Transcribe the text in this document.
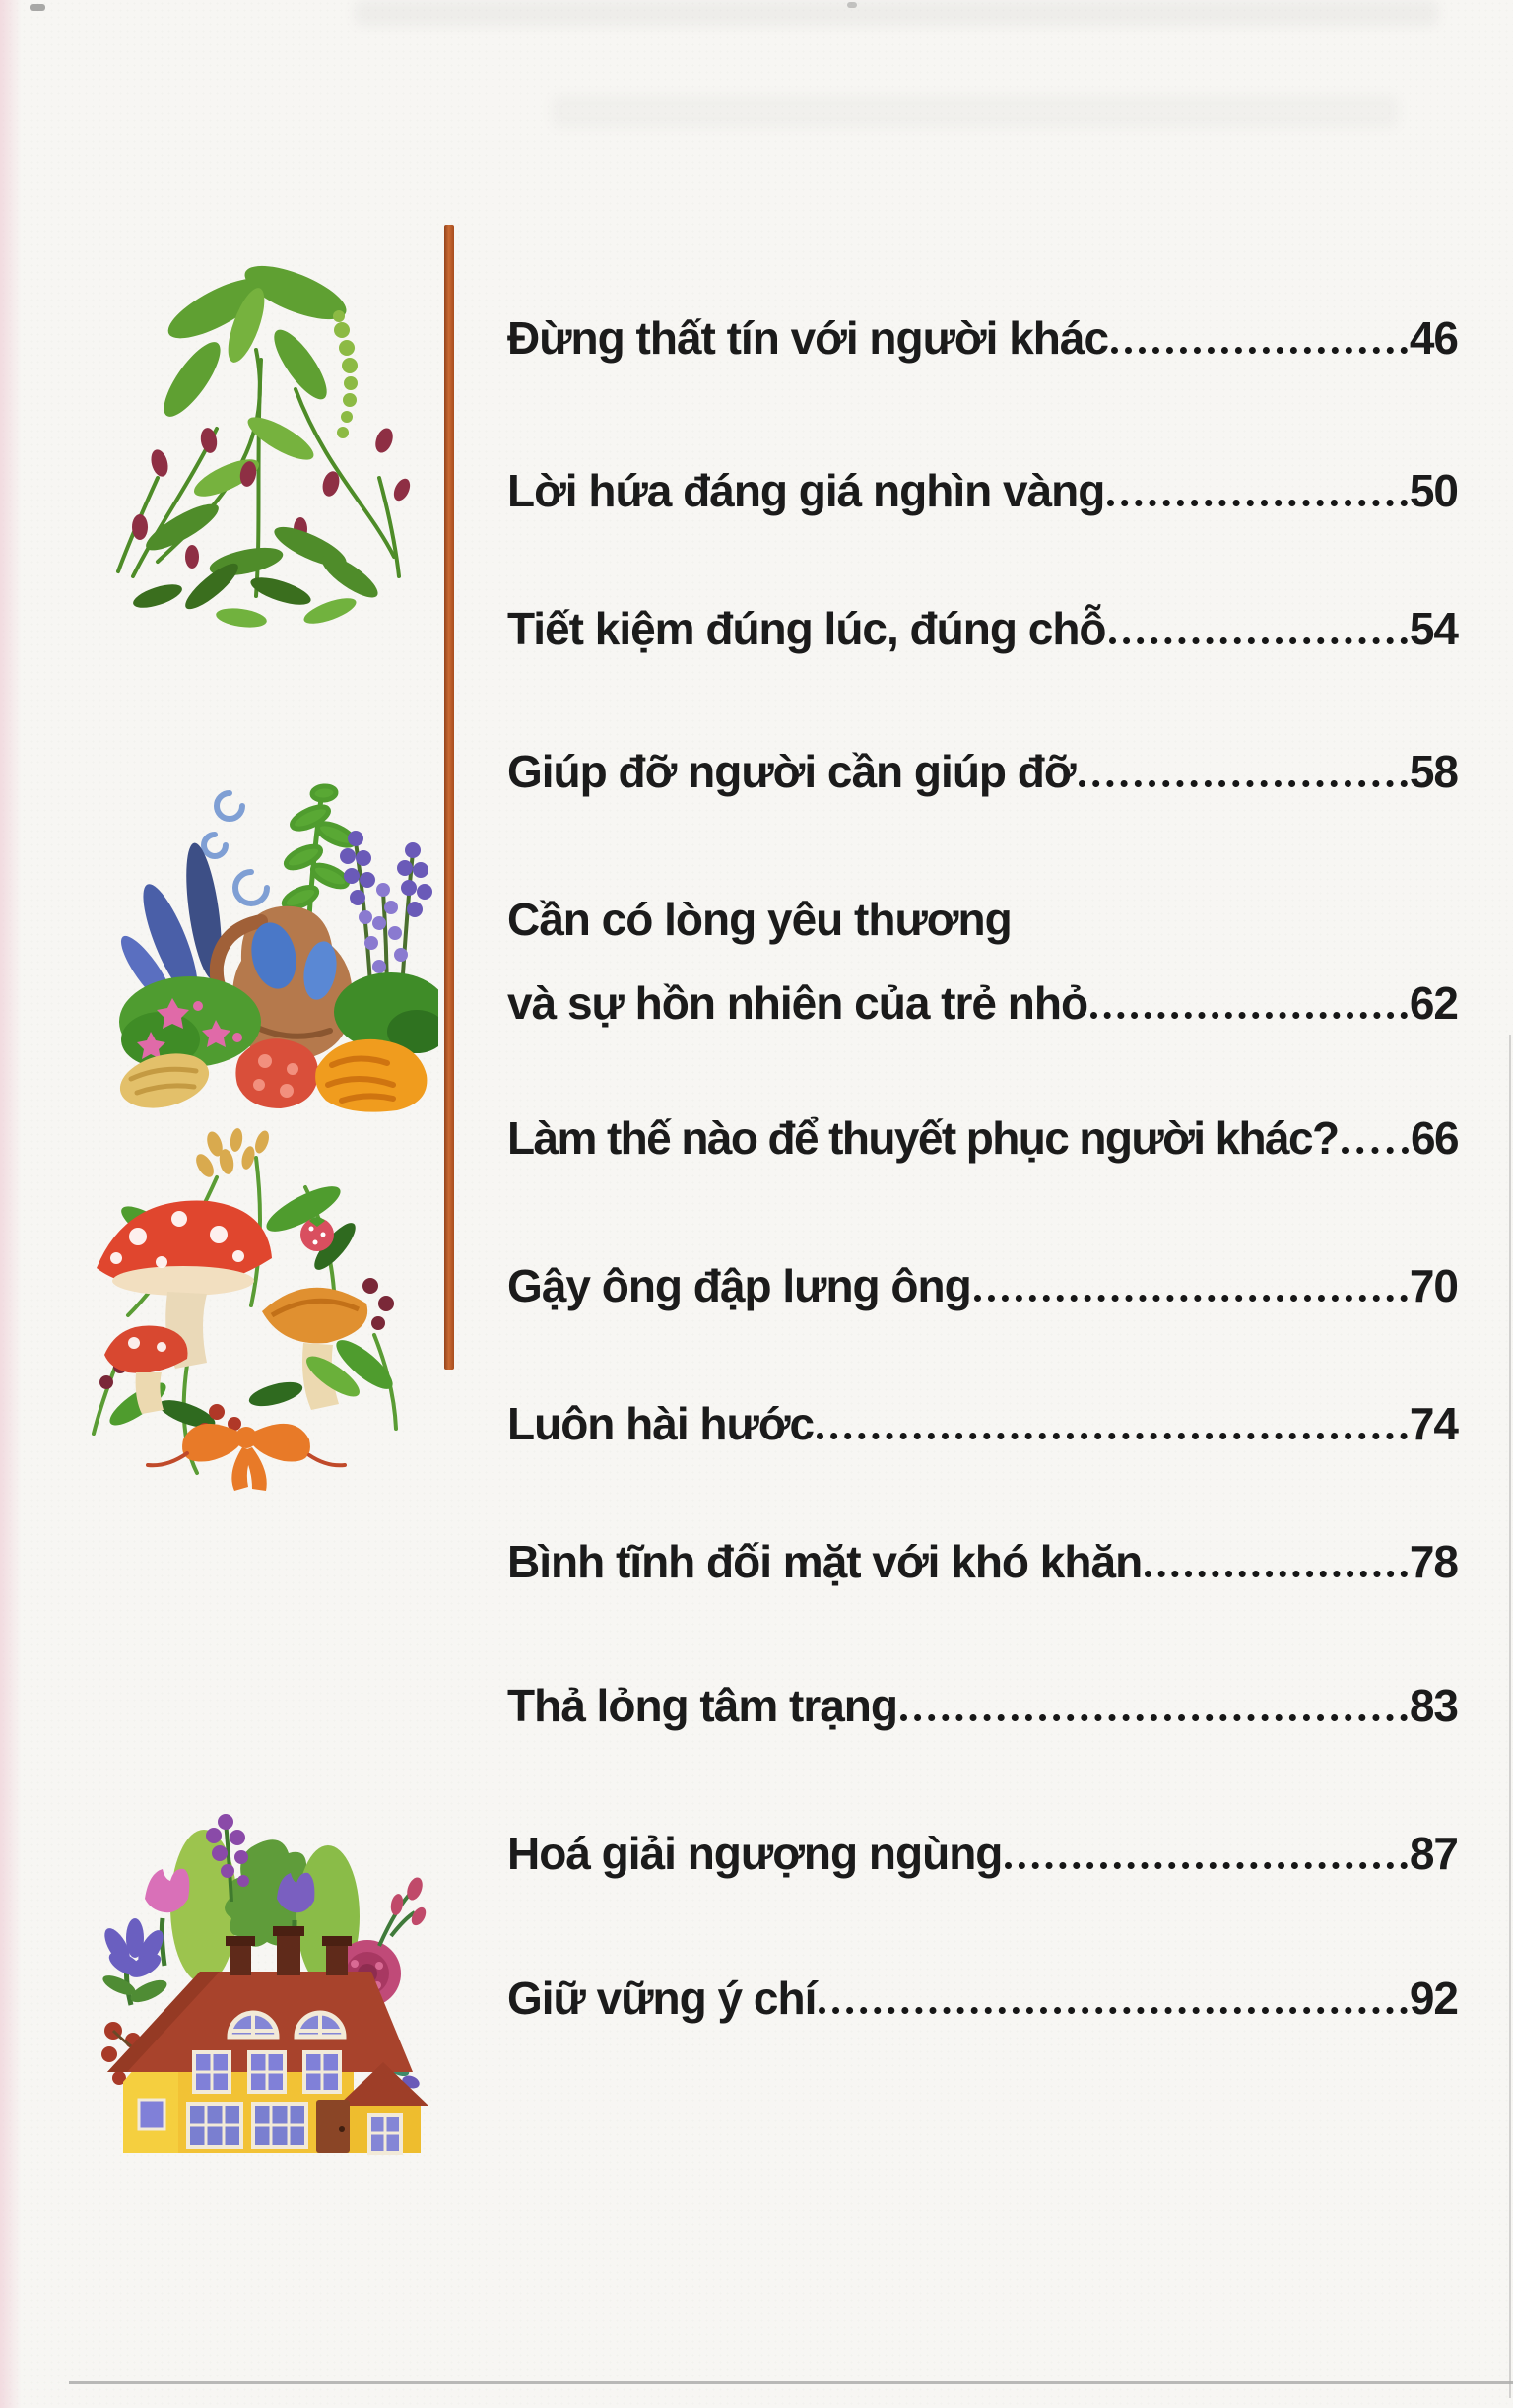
Đừng thất tín với người khác	46
Lời hứa đáng giá nghìn vàng	50
Tiết kiệm đúng lúc, đúng chỗ	54
Giúp đỡ người cần giúp đỡ	58
Cần có lòng yêu thương
và sự hồn nhiên của trẻ nhỏ	62
Làm thế nào để thuyết phục người khác? 66
Gậy ông đập lưng ông	70
Luôn hài hước	74
Bình tĩnh đối mặt với khó khăn	78
Thả lỏng tâm trạng	83
Hoá giải ngượng ngùng	87
Giữ vững ý chí	92
